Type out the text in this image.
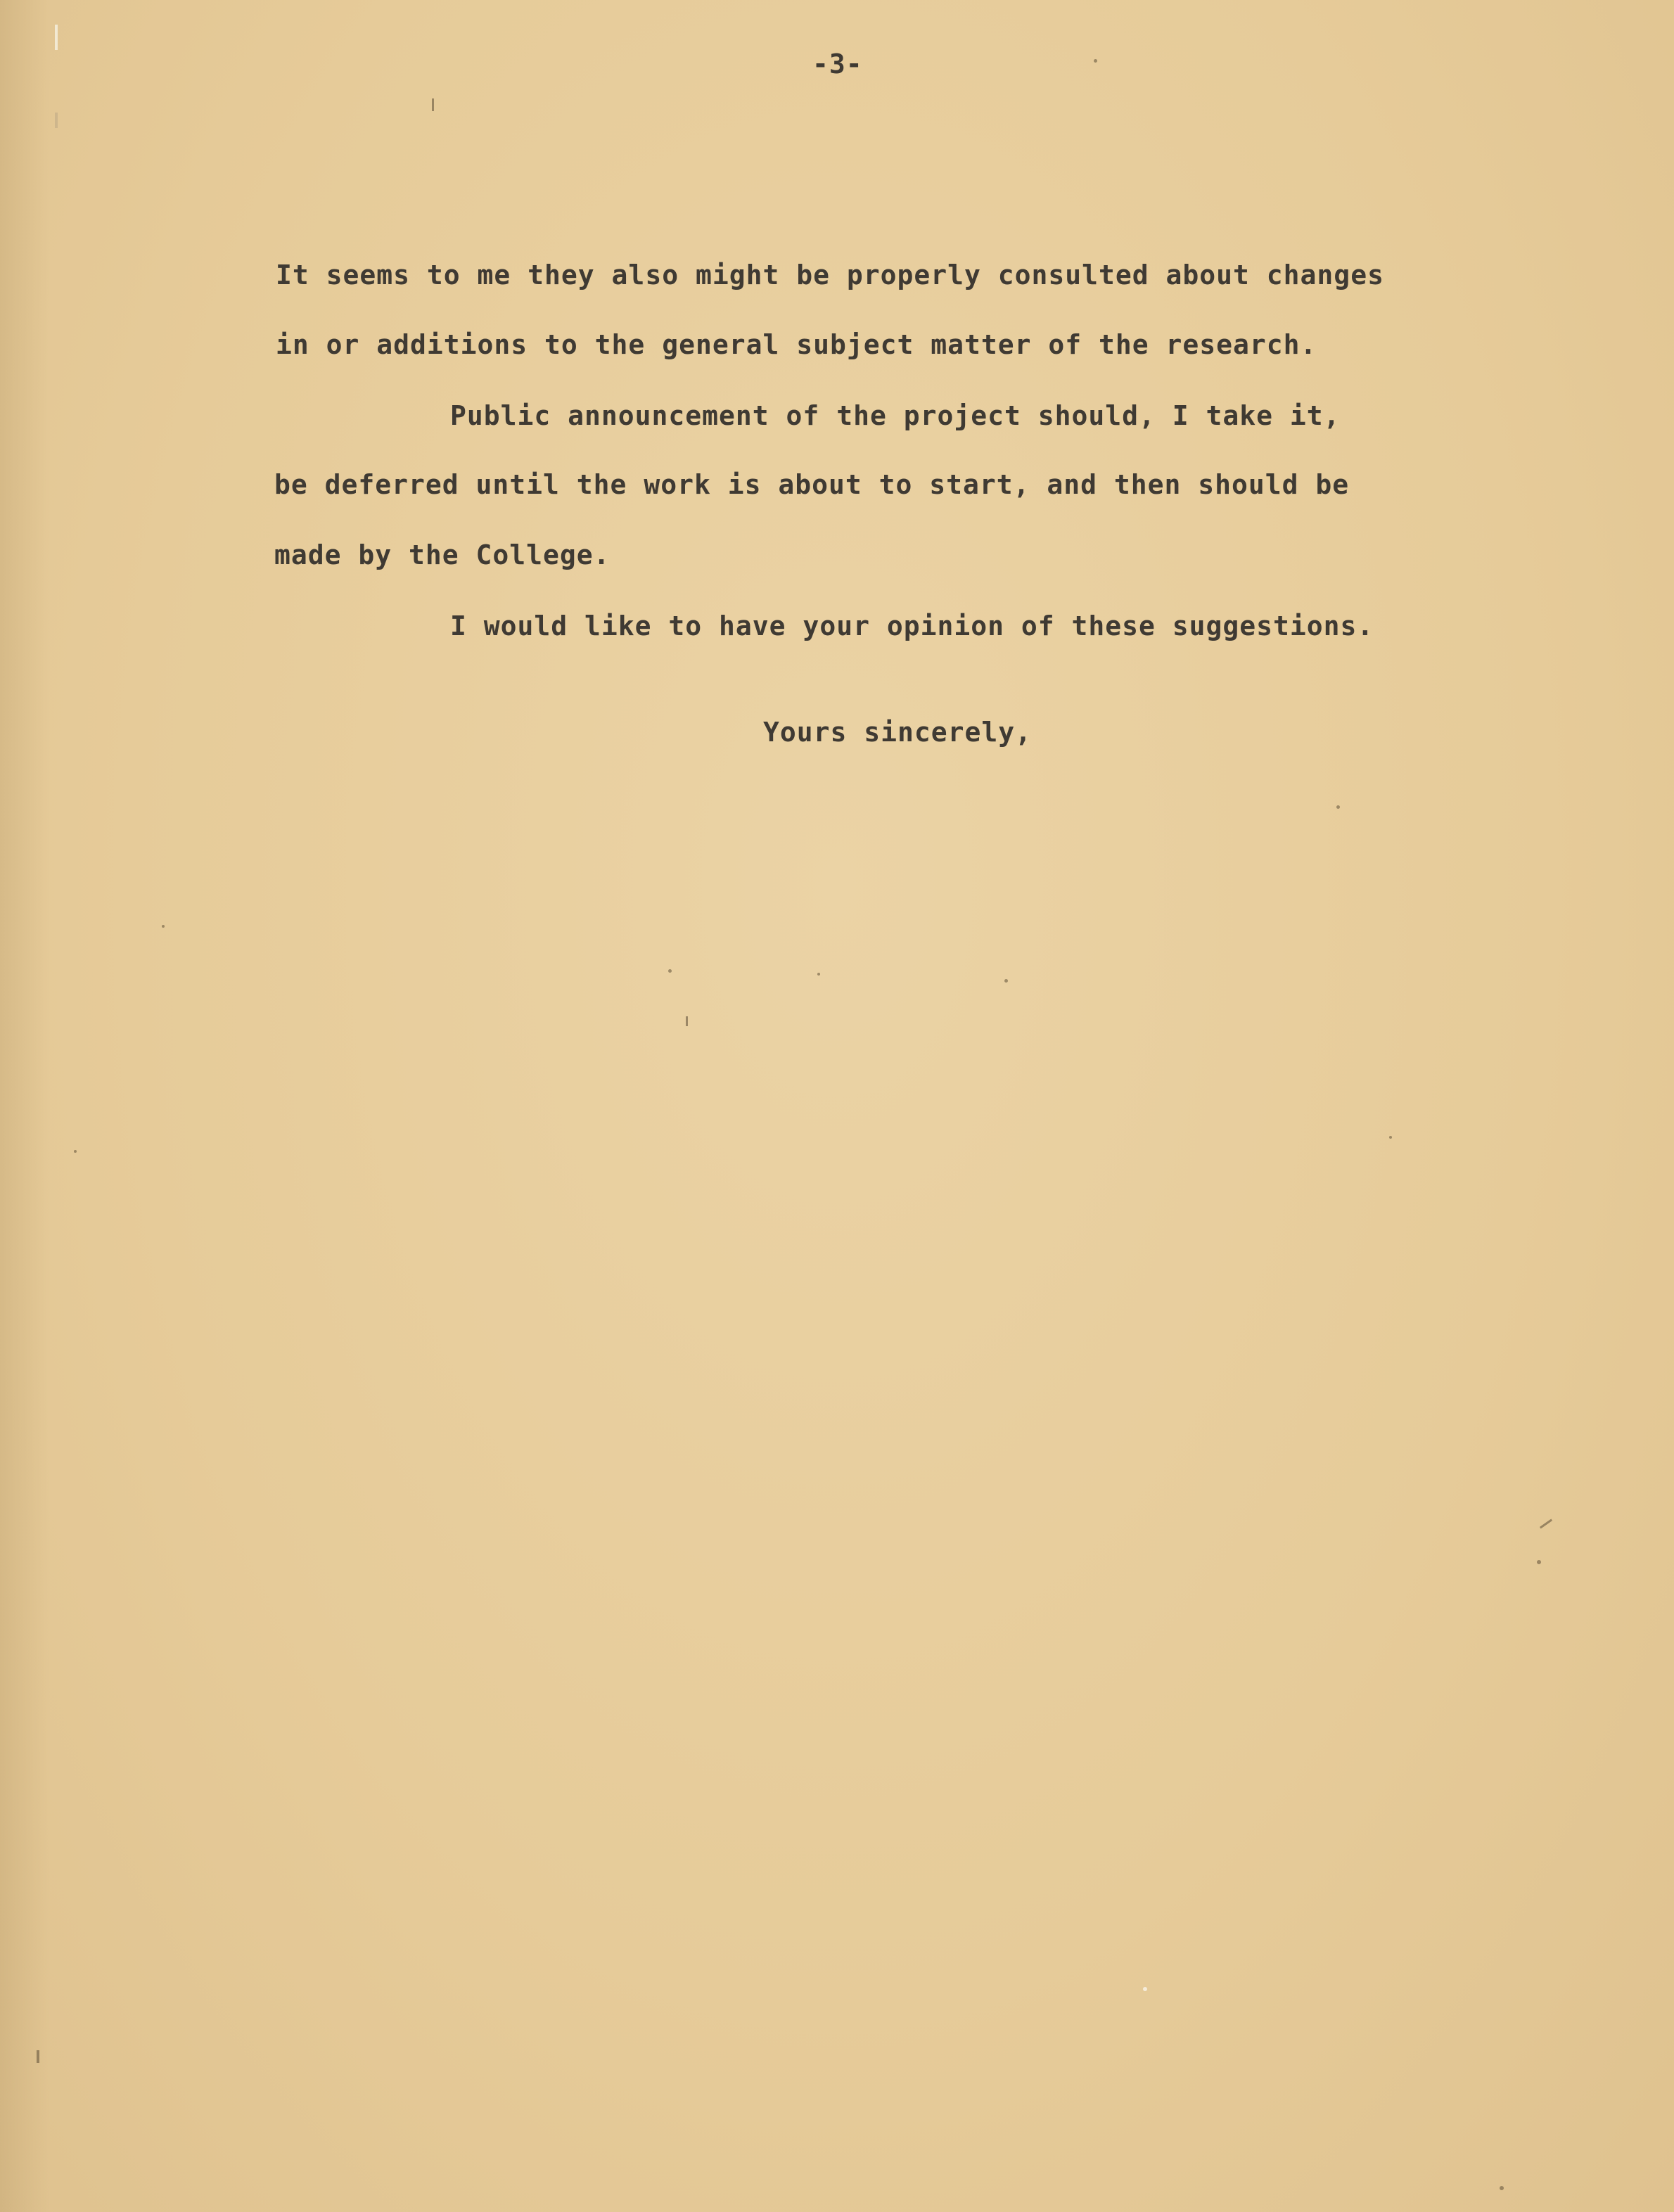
-3-

It seems to me they also might be properly consulted about changes

in or additions to the general subject matter of the research.

Public announcement of the project should, I take it,

be deferred until the work is about to start, and then should be

made by the College.

I would like to have your opinion of these suggestions.

Yours sincerely,
